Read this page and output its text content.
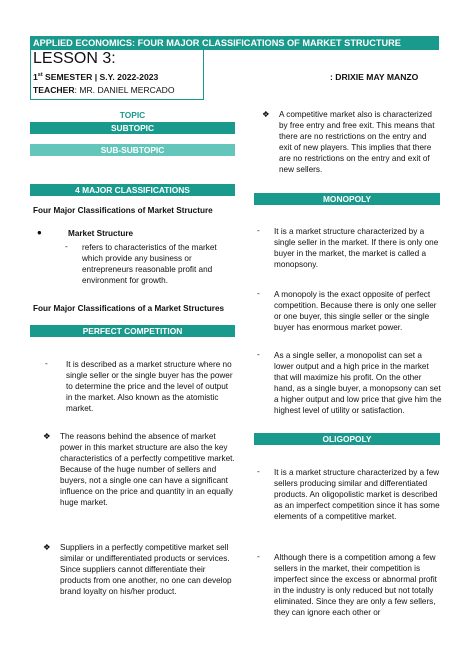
APPLIED ECONOMICS: FOUR MAJOR CLASSIFICATIONS OF MARKET STRUCTURE
LESSON 3:
1st SEMESTER | S.Y. 2022-2023
TEACHER: MR. DANIEL MERCADO
: DRIXIE MAY MANZO
TOPIC
SUBTOPIC
SUB-SUBTOPIC
4 MAJOR CLASSIFICATIONS
Four Major Classifications of Market Structure
●	Market Structure
- refers to characteristics of the market which provide any business or entrepreneurs reasonable profit and environment for growth.
Four Major Classifications of a Market Structures
PERFECT COMPETITION
- It is described as a market structure where no single seller or the single buyer has the power to determine the price and the level of output in the market. Also known as the atomistic market.
❖ The reasons behind the absence of market power in this market structure are also the key characteristics of a perfectly competitive market. Because of the huge number of sellers and buyers, not a single one can have a significant influence on the price and quantity in an equally huge market.
❖ Suppliers in a perfectly competitive market sell similar or undifferentiated products or services. Since suppliers cannot differentiate their products from one another, no one can develop brand loyalty on his/her product.
❖ A competitive market also is characterized by free entry and free exit. This means that there are no restrictions on the entry and exit of new players. This implies that there are no restrictions on the entry and exit of new sellers.
MONOPOLY
- It is a market structure characterized by a single seller in the market. If there is only one buyer in the market, the market is called a monopsony.
- A monopoly is the exact opposite of perfect competition. Because there is only one seller or one buyer, this single seller or the single buyer has enormous market power.
- As a single seller, a monopolist can set a lower output and a high price in the market that will maximize his profit. On the other hand, as a single buyer, a monopsony can set a higher output and low price that give him the highest level of utility or satisfaction.
OLIGOPOLY
- It is a market structure characterized by a few sellers producing similar and differentiated products. An oligopolistic market is described as an imperfect competition since it has some elements of a competitive market.
- Although there is a competition among a few sellers in the market, their competition is imperfect since the excess or abnormal profit in the industry is only reduced but not totally eliminated. Since they are only a few sellers, they can ignore each other or
